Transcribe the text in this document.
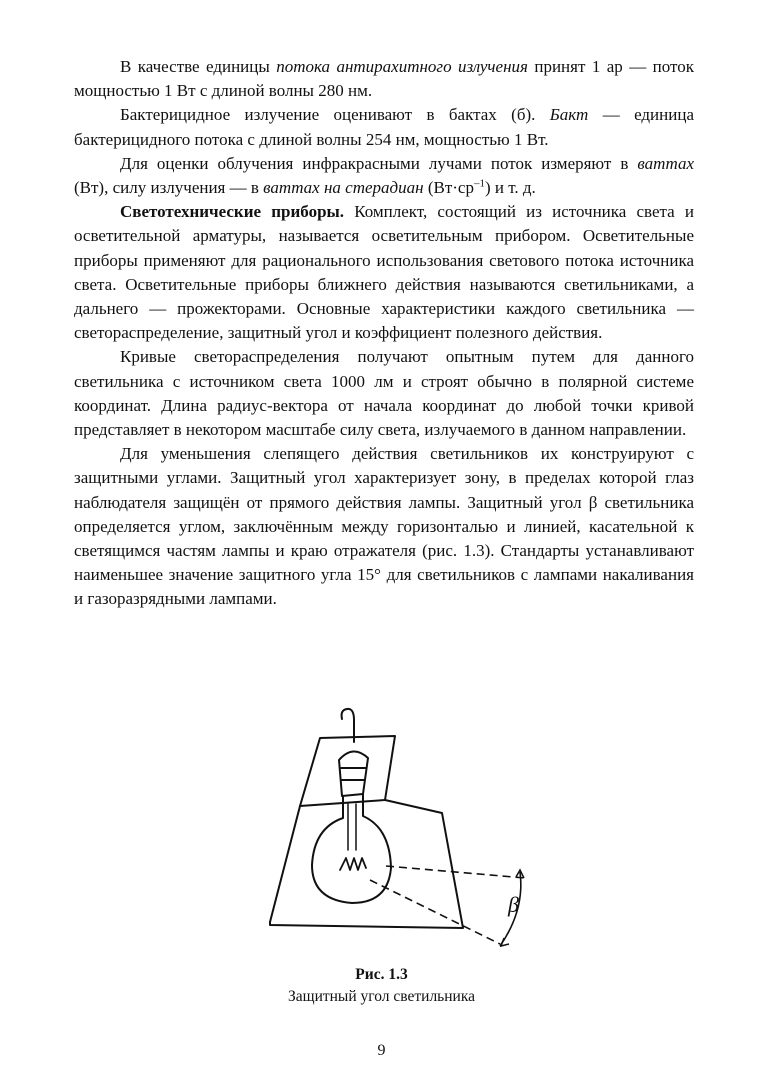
В качестве единицы потока антирахитного излучения принят 1 ар — поток мощностью 1 Вт с длиной волны 280 нм.

Бактерицидное излучение оценивают в бактах (б). Бакт — единица бактерицидного потока с длиной волны 254 нм, мощностью 1 Вт.

Для оценки облучения инфракрасными лучами поток измеряют в ваттах (Вт), силу излучения — в ваттах на стерадиан $(Вт\cdot ср^{-1})$ и т. д.

Светотехнические приборы. Комплект, состоящий из источника света и осветительной арматуры, называется осветительным прибором. Осветительные приборы применяют для рационального использования светового потока источника света. Осветительные приборы ближнего действия называются светильниками, а дальнего — прожекторами. Основные характеристики каждого светильника — светораспределение, защитный угол и коэффициент полезного действия.

Кривые светораспределения получают опытным путем для данного светильника с источником света 1000 лм и строят обычно в полярной системе координат. Длина радиус-вектора от начала координат до любой точки кривой представляет в некотором масштабе силу света, излучаемого в данном направлении.

Для уменьшения слепящего действия светильников их конструируют с защитными углами. Защитный угол характеризует зону, в пределах которой глаз наблюдателя защищён от прямого действия лампы. Защитный угол β светильника определяется углом, заключённым между горизонталью и линией, касательной к светящимся частям лампы и краю отражателя (рис. 1.3). Стандарты устанавливают наименьшее значение защитного угла 15° для светильников с лампами накаливания и газоразрядными лампами.

β
Рис. 1.3
Защитный угол светильника
9
